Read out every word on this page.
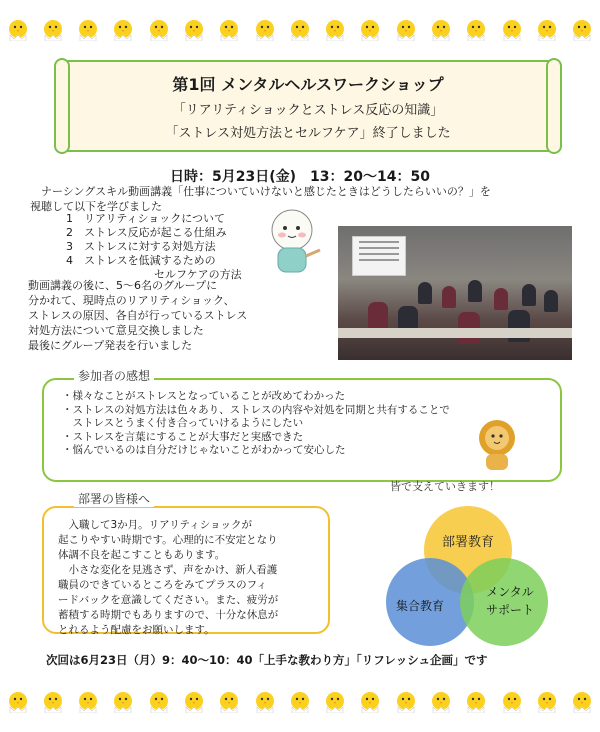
第1回 メンタルヘルスワークショップ
「リアリティショックとストレス反応の知識」
「ストレス対処方法とセルフケア」終了しました
日時：5月23日(金)　13：20〜14：50
　ナーシングスキル動画講義「仕事についていけないと感じたときはどうしたらいいの？」を
視聴して以下を学びました
1 リアリティショックについて
2 ストレス反応が起こる仕組み
3 ストレスに対する対処方法
4 ストレスを低減するための
セルフケアの方法
動画講義の後に、5〜6名のグループに
分かれて、現時点のリアリティショック、
ストレスの原因、各自が行っているストレス
対処方法について意見交換しました
最後にグループ発表を行いました
・様々なことがストレスとなっていることが改めてわかった
・ストレスの対処方法は色々あり、ストレスの内容や対処を同期と共有することで
　ストレスとうまく付き合っていけるようにしたい
・ストレスを言葉にすることが大事だと実感できた
・悩んでいるのは自分だけじゃないことがわかって安心した
参加者の感想
　入職して3か月。リアリティショックが
起こりやすい時期です。心理的に不安定となり
体調不良を起こすこともあります。
　小さな変化を見逃さず、声をかけ、新人看護
職員のできているところをみてプラスのフィ
ードバックを意識してください。また、疲労が
蓄積する時期でもありますので、十分な休息が
とれるよう配慮をお願いします。
部署の皆様へ
皆で支えていきます！
部署教育
集合教育
メンタル
サポート
次回は6月23日（月）9：40〜10：40「上手な教わり方」「リフレッシュ企画」です
